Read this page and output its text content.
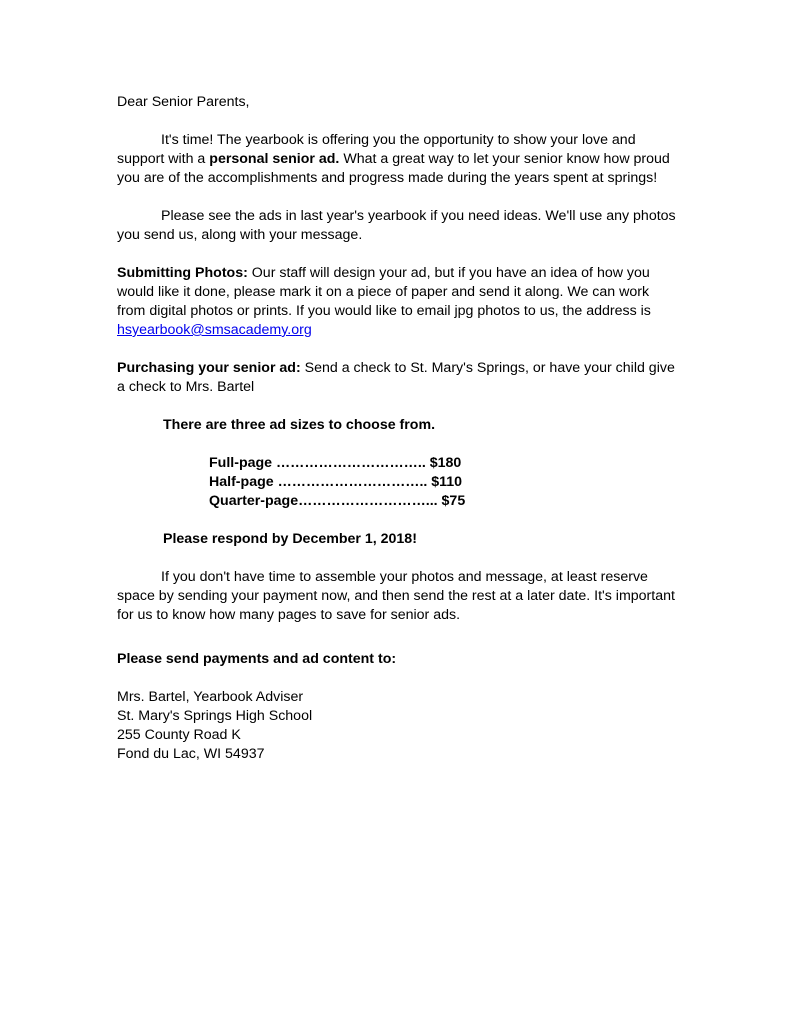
Dear Senior Parents,

It's time! The yearbook is offering you the opportunity to show your love and support with a personal senior ad. What a great way to let your senior know how proud you are of the accomplishments and progress made during the years spent at springs!

Please see the ads in last year's yearbook if you need ideas. We'll use any photos you send us, along with your message.

Submitting Photos: Our staff will design your ad, but if you have an idea of how you would like it done, please mark it on a piece of paper and send it along. We can work from digital photos or prints. If you would like to email jpg photos to us, the address is hsyearbook@smsacademy.org

Purchasing your senior ad: Send a check to St. Mary's Springs, or have your child give a check to Mrs. Bartel

There are three ad sizes to choose from.

Full-page ………………………….. $180
Half-page ………………………….. $110
Quarter-page………………………... $75

Please respond by December 1, 2018!

If you don't have time to assemble your photos and message, at least reserve space by sending your payment now, and then send the rest at a later date. It's important for us to know how many pages to save for senior ads.

Please send payments and ad content to:

Mrs. Bartel, Yearbook Adviser

St. Mary's Springs High School

255 County Road K

Fond du Lac, WI 54937
